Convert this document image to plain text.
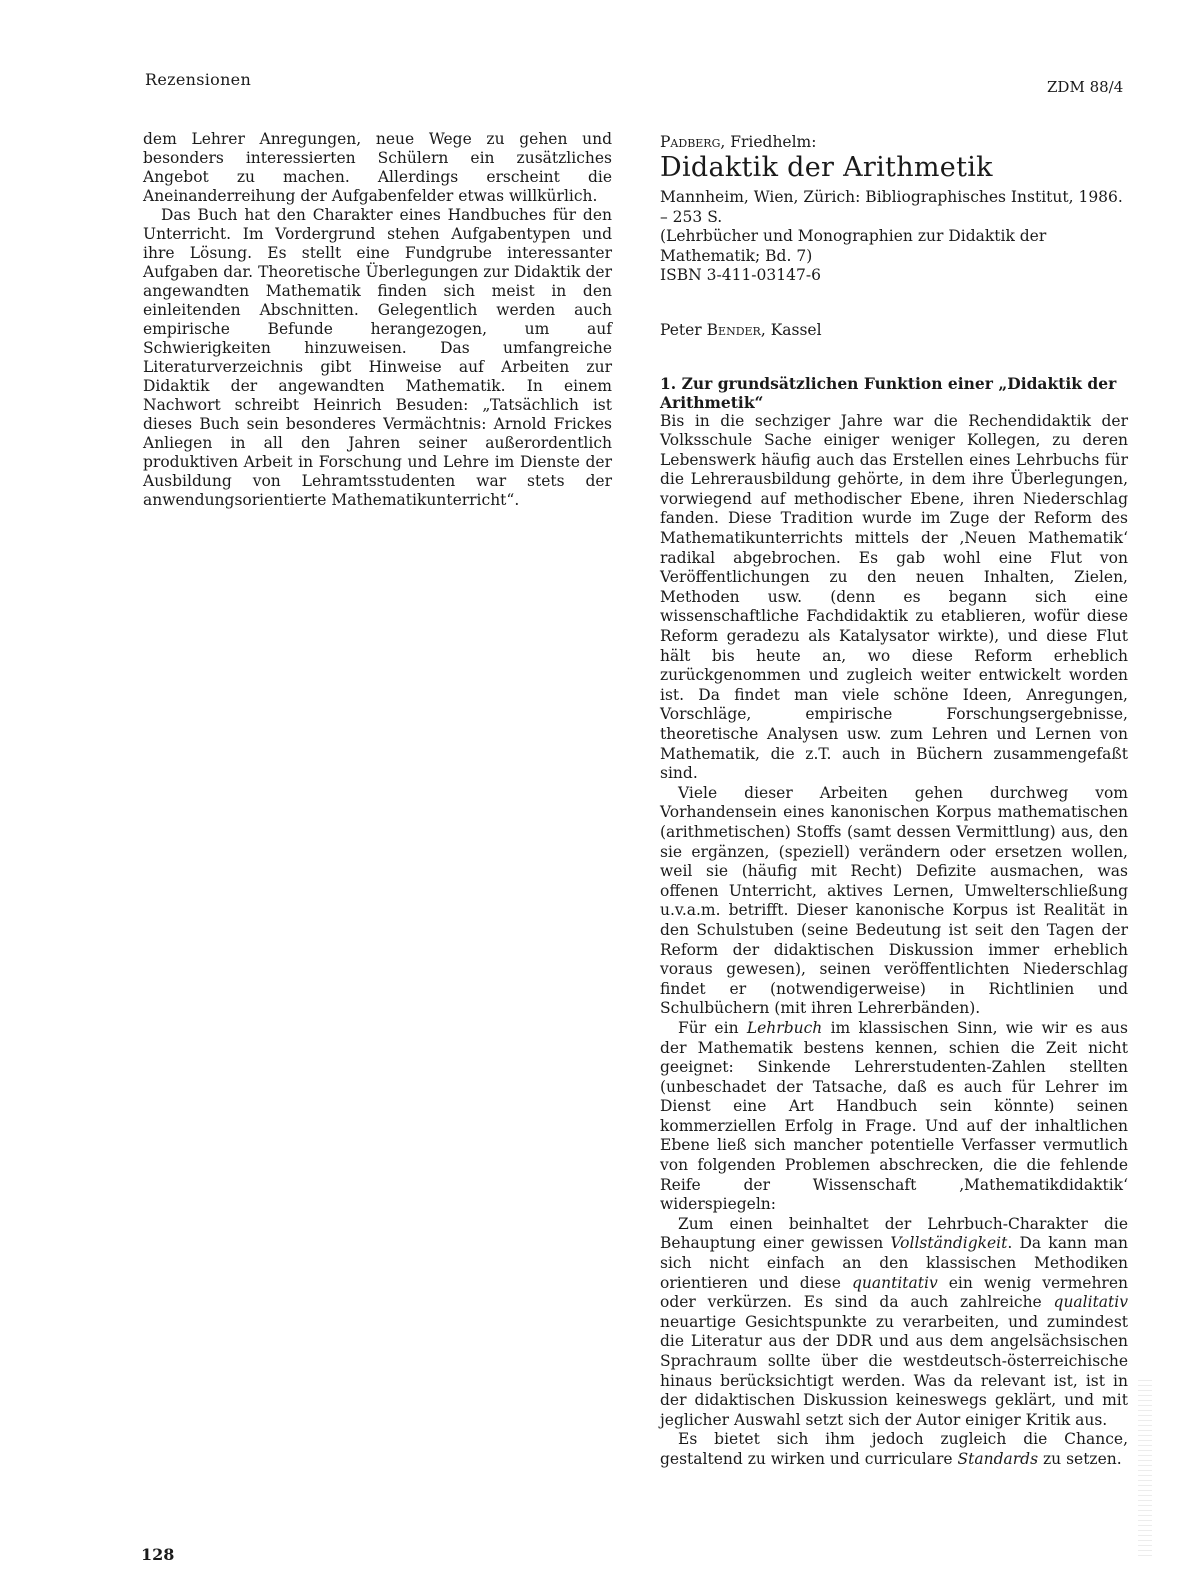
Rezensionen	ZDM 88/4

dem Lehrer Anregungen, neue Wege zu gehen und besonders interessierten Schülern ein zusätzliches Angebot zu machen. Allerdings erscheint die Aneinanderreihung der Aufgabenfelder etwas willkürlich.

Das Buch hat den Charakter eines Handbuches für den Unterricht. Im Vordergrund stehen Aufgabentypen und ihre Lösung. Es stellt eine Fundgrube interessanter Aufgaben dar. Theoretische Überlegungen zur Didaktik der angewandten Mathematik finden sich meist in den einleitenden Abschnitten. Gelegentlich werden auch empirische Befunde herangezogen, um auf Schwierigkeiten hinzuweisen. Das umfangreiche Literaturverzeichnis gibt Hinweise auf Arbeiten zur Didaktik der angewandten Mathematik. In einem Nachwort schreibt Heinrich Besuden: „Tatsächlich ist dieses Buch sein besonderes Vermächtnis: Arnold Frickes Anliegen in all den Jahren seiner außerordentlich produktiven Arbeit in Forschung und Lehre im Dienste der Ausbildung von Lehramtsstudenten war stets der anwendungsorientierte Mathematikunterricht“.

Padberg, Friedhelm:
Didaktik der Arithmetik

Mannheim, Wien, Zürich: Bibliographisches Institut, 1986. – 253 S.

(Lehrbücher und Monographien zur Didaktik der Mathematik; Bd. 7)

ISBN 3-411-03147-6

Peter Bender, Kassel
1. Zur grundsätzlichen Funktion einer „Didaktik der Arithmetik“

Bis in die sechziger Jahre war die Rechendidaktik der Volksschule Sache einiger weniger Kollegen, zu deren Lebenswerk häufig auch das Erstellen eines Lehrbuchs für die Lehrerausbildung gehörte, in dem ihre Überlegungen, vorwiegend auf methodischer Ebene, ihren Niederschlag fanden. Diese Tradition wurde im Zuge der Reform des Mathematikunterrichts mittels der ‚Neuen Mathematik‘ radikal abgebrochen. Es gab wohl eine Flut von Veröffentlichungen zu den neuen Inhalten, Zielen, Methoden usw. (denn es begann sich eine wissenschaftliche Fachdidaktik zu etablieren, wofür diese Reform geradezu als Katalysator wirkte), und diese Flut hält bis heute an, wo diese Reform erheblich zurückgenommen und zugleich weiter entwickelt worden ist. Da findet man viele schöne Ideen, Anregungen, Vorschläge, empirische Forschungsergebnisse, theoretische Analysen usw. zum Lehren und Lernen von Mathematik, die z.T. auch in Büchern zusammengefaßt sind.

Viele dieser Arbeiten gehen durchweg vom Vorhandensein eines kanonischen Korpus mathematischen (arithmetischen) Stoffs (samt dessen Vermittlung) aus, den sie ergänzen, (speziell) verändern oder ersetzen wollen, weil sie (häufig mit Recht) Defizite ausmachen, was offenen Unterricht, aktives Lernen, Umwelterschließung u.v.a.m. betrifft. Dieser kanonische Korpus ist Realität in den Schulstuben (seine Bedeutung ist seit den Tagen der Reform der didaktischen Diskussion immer erheblich voraus gewesen), seinen veröffentlichten Niederschlag findet er (notwendigerweise) in Richtlinien und Schulbüchern (mit ihren Lehrerbänden).

Für ein Lehrbuch im klassischen Sinn, wie wir es aus der Mathematik bestens kennen, schien die Zeit nicht geeignet: Sinkende Lehrerstudenten-Zahlen stellten (unbeschadet der Tatsache, daß es auch für Lehrer im Dienst eine Art Handbuch sein könnte) seinen kommerziellen Erfolg in Frage. Und auf der inhaltlichen Ebene ließ sich mancher potentielle Verfasser vermutlich von folgenden Problemen abschrecken, die die fehlende Reife der Wissenschaft ‚Mathematikdidaktik‘ widerspiegeln:

Zum einen beinhaltet der Lehrbuch-Charakter die Behauptung einer gewissen Vollständigkeit. Da kann man sich nicht einfach an den klassischen Methodiken orientieren und diese quantitativ ein wenig vermehren oder verkürzen. Es sind da auch zahlreiche qualitativ neuartige Gesichtspunkte zu verarbeiten, und zumindest die Literatur aus der DDR und aus dem angelsächsischen Sprachraum sollte über die westdeutsch-österreichische hinaus berücksichtigt werden. Was da relevant ist, ist in der didaktischen Diskussion keineswegs geklärt, und mit jeglicher Auswahl setzt sich der Autor einiger Kritik aus.

Es bietet sich ihm jedoch zugleich die Chance, gestaltend zu wirken und curriculare Standards zu setzen.

128
